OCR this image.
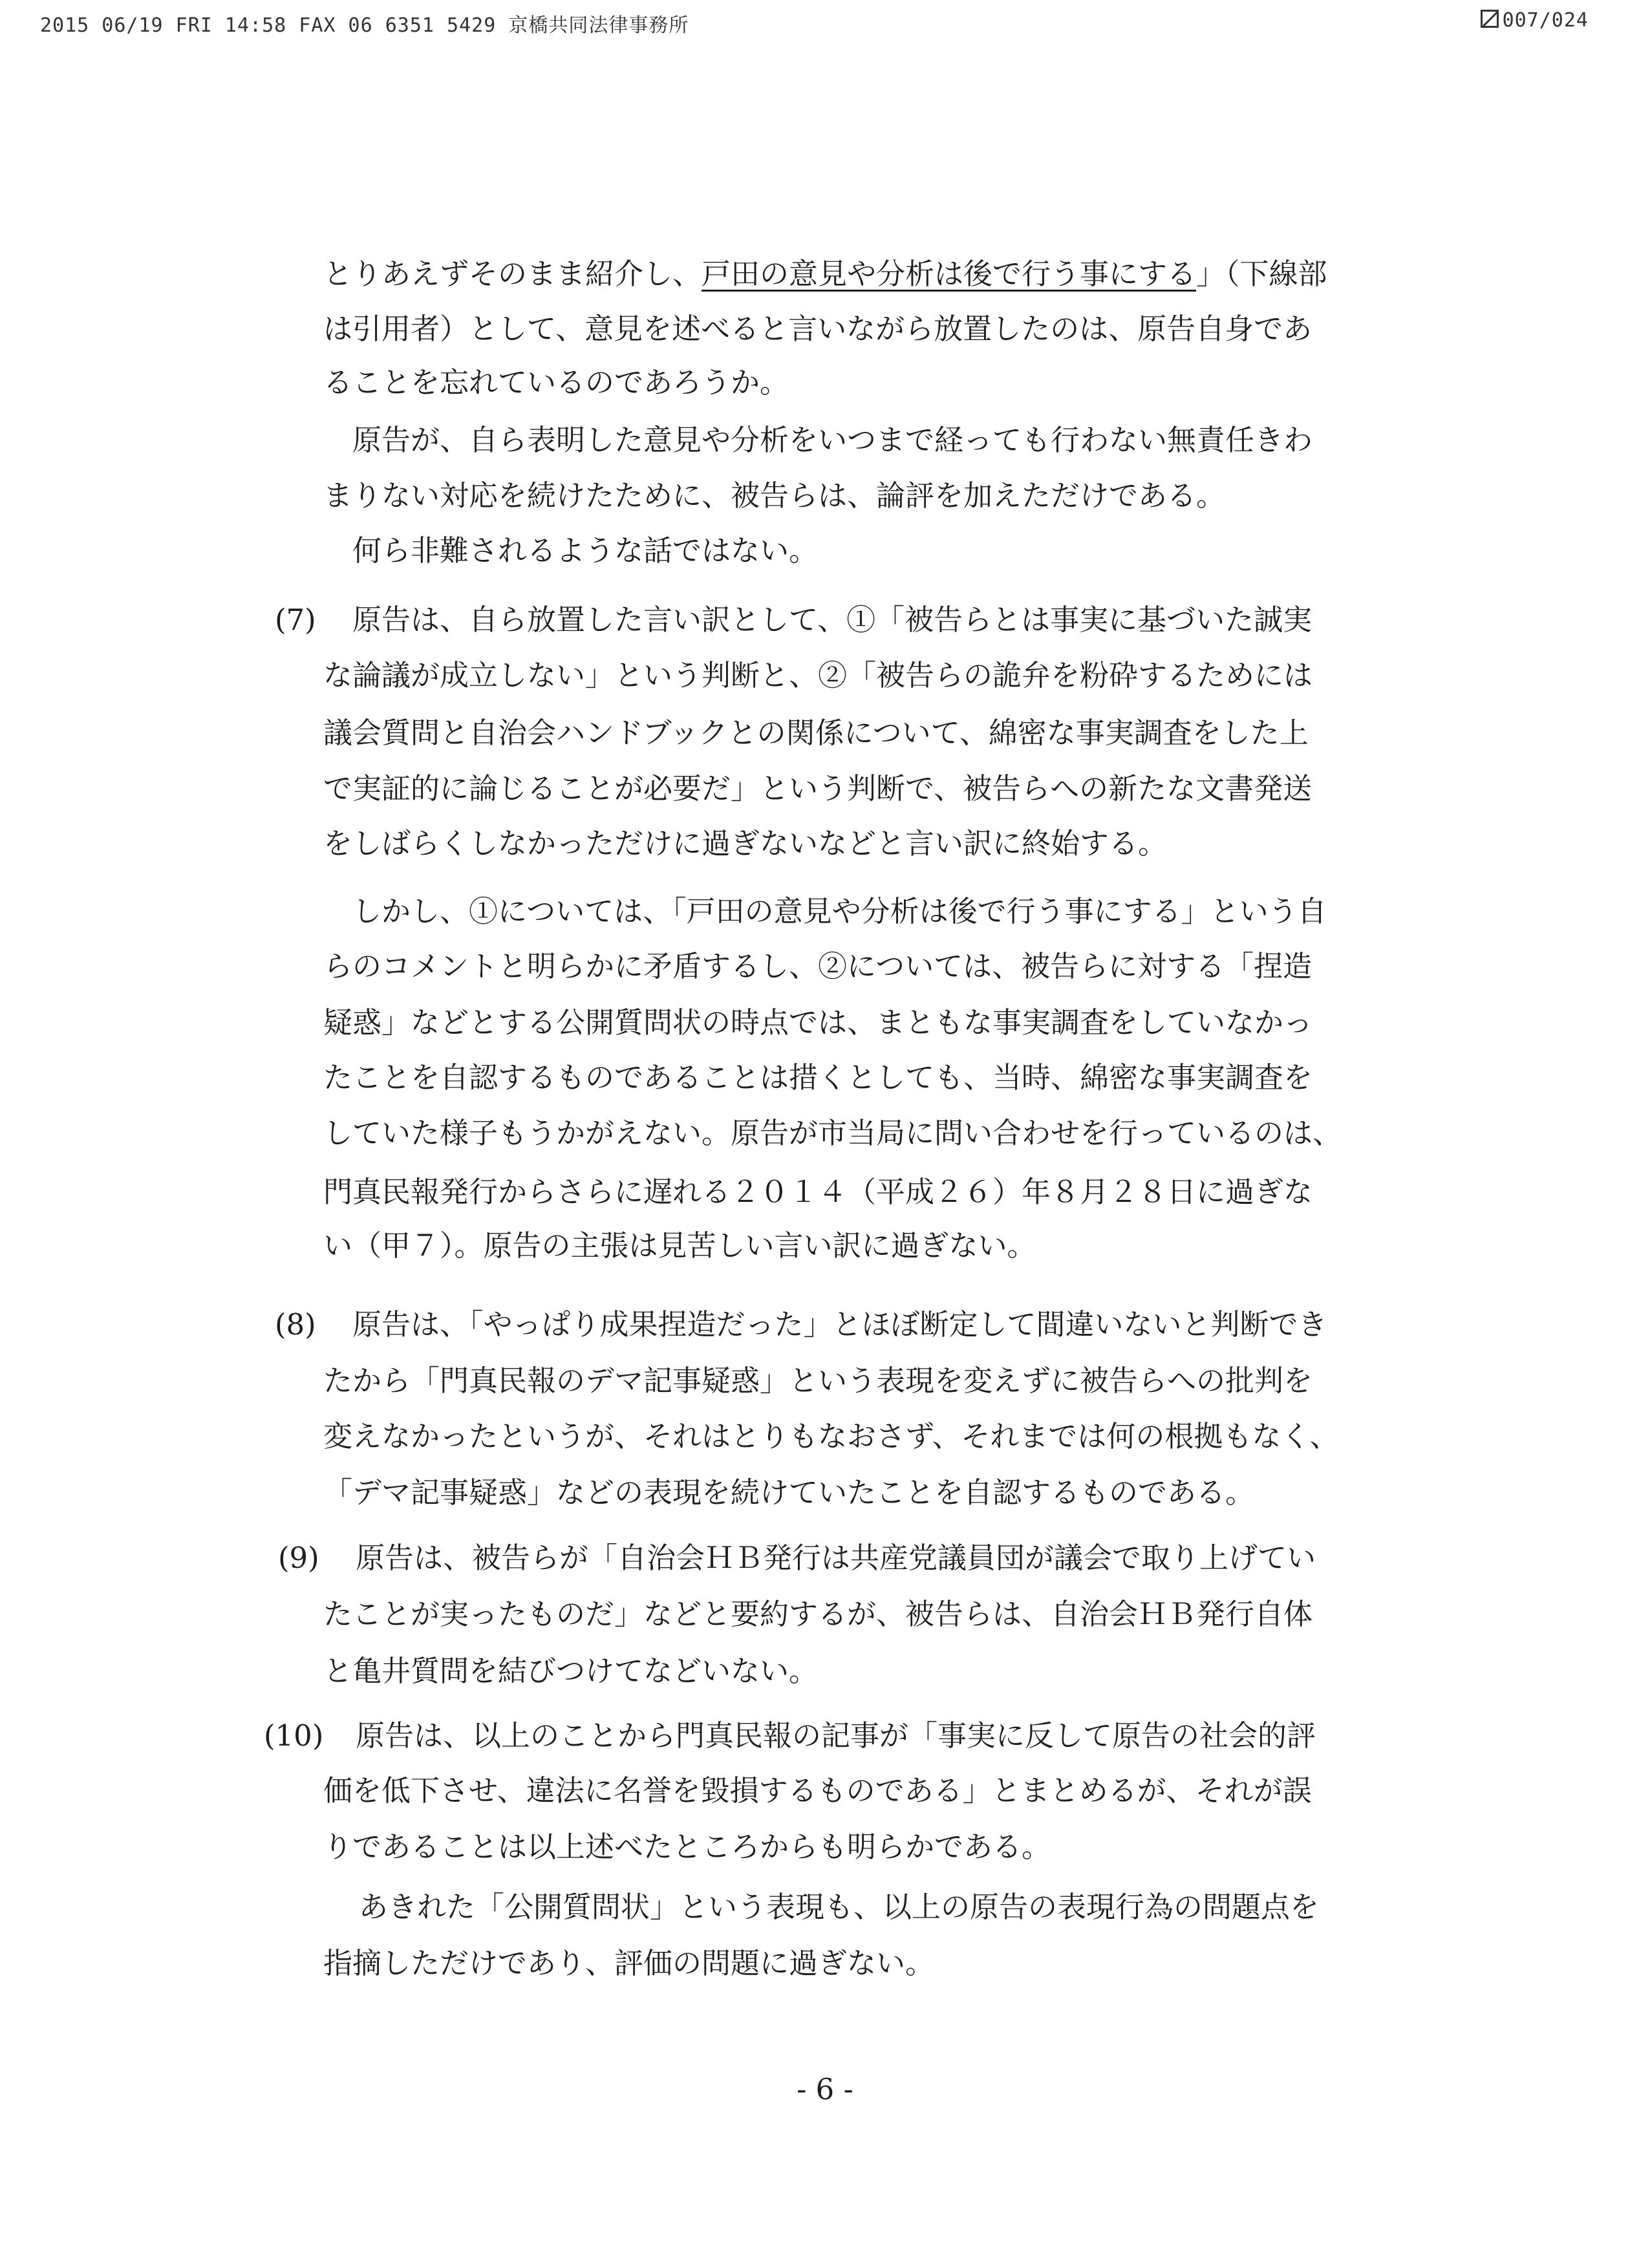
2015 06/19 FRI 14:58 FAX 06 6351 5429 京橋共同法律事務所	007/024
とりあえずそのまま紹介し、戸田の意見や分析は後で行う事にする」（下線部
は引用者）として、意見を述べると言いながら放置したのは、原告自身であ
ることを忘れているのであろうか。
原告が、自ら表明した意見や分析をいつまで経っても行わない無責任きわ
まりない対応を続けたために、被告らは、論評を加えただけである。
何ら非難されるような話ではない。
(7)	原告は、自ら放置した言い訳として、①「被告らとは事実に基づいた誠実
な論議が成立しない」という判断と、②「被告らの詭弁を粉砕するためには
議会質問と自治会ハンドブックとの関係について、綿密な事実調査をした上
で実証的に論じることが必要だ」という判断で、被告らへの新たな文書発送
をしばらくしなかっただけに過ぎないなどと言い訳に終始する。
しかし、①については、「戸田の意見や分析は後で行う事にする」という自
らのコメントと明らかに矛盾するし、②については、被告らに対する「捏造
疑惑」などとする公開質問状の時点では、まともな事実調査をしていなかっ
たことを自認するものであることは措くとしても、当時、綿密な事実調査を
していた様子もうかがえない。原告が市当局に問い合わせを行っているのは、
門真民報発行からさらに遅れる２０１４（平成２６）年８月２８日に過ぎな
い（甲７）。原告の主張は見苦しい言い訳に過ぎない。
(8)	原告は、「やっぱり成果捏造だった」とほぼ断定して間違いないと判断でき
たから「門真民報のデマ記事疑惑」という表現を変えずに被告らへの批判を
変えなかったというが、それはとりもなおさず、それまでは何の根拠もなく、
「デマ記事疑惑」などの表現を続けていたことを自認するものである。
(9)	原告は、被告らが「自治会ＨＢ発行は共産党議員団が議会で取り上げてい
たことが実ったものだ」などと要約するが、被告らは、自治会ＨＢ発行自体
と亀井質問を結びつけてなどいない。
(10)	原告は、以上のことから門真民報の記事が「事実に反して原告の社会的評
価を低下させ、違法に名誉を毀損するものである」とまとめるが、それが誤
りであることは以上述べたところからも明らかである。
あきれた「公開質問状」という表現も、以上の原告の表現行為の問題点を
指摘しただけであり、評価の問題に過ぎない。
- 6 -
